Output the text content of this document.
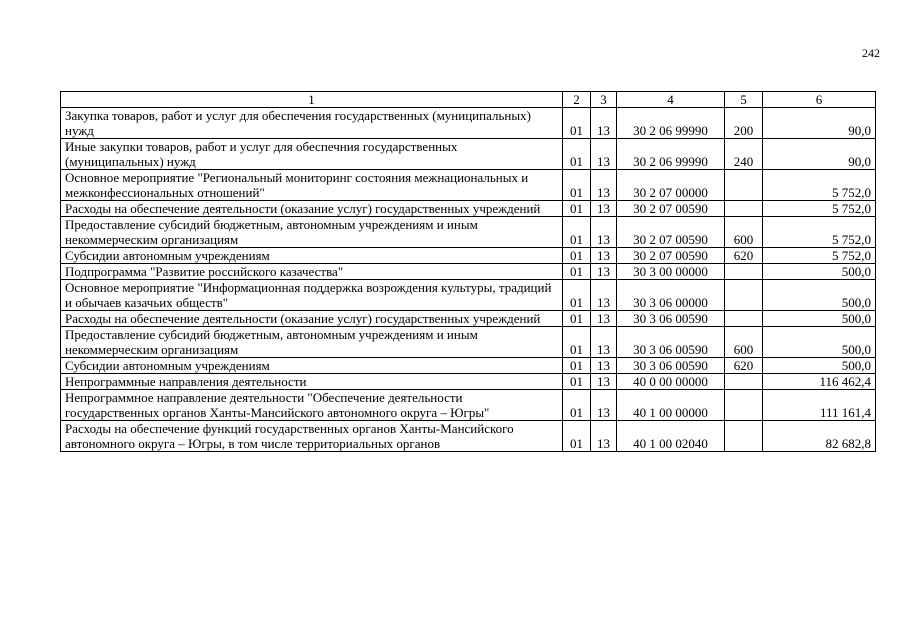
242
1	2	3	4	5	6
Закупка товаров, работ и услуг для обеспечения государственных (муниципальных) нужд	01	13	30 2 06 99990	200	90,0
Иные закупки товаров, работ и услуг для обеспечния государственных (муниципальных) нужд	01	13	30 2 06 99990	240	90,0
Основное мероприятие "Региональный мониторинг состояния межнациональных и межконфессиональных отношений"	01	13	30 2 07 00000		5 752,0
Расходы на обеспечение деятельности (оказание услуг) государственных учреждений	01	13	30 2 07 00590		5 752,0
Предоставление субсидий бюджетным, автономным учреждениям и иным некоммерческим организациям	01	13	30 2 07 00590	600	5 752,0
Субсидии автономным учреждениям	01	13	30 2 07 00590	620	5 752,0
Подпрограмма "Развитие российского казачества"	01	13	30 3 00 00000		500,0
Основное мероприятие "Информационная поддержка возрождения культуры, традиций и обычаев казачьих обществ"	01	13	30 3 06 00000		500,0
Расходы на обеспечение деятельности (оказание услуг) государственных учреждений	01	13	30 3 06 00590		500,0
Предоставление субсидий бюджетным, автономным учреждениям и иным некоммерческим организациям	01	13	30 3 06 00590	600	500,0
Субсидии автономным учреждениям	01	13	30 3 06 00590	620	500,0
Непрограммные направления деятельности	01	13	40 0 00 00000		116 462,4
Непрограммное направление деятельности "Обеспечение деятельности государственных органов Ханты-Мансийского автономного округа – Югры"	01	13	40 1 00 00000		111 161,4
Расходы на обеспечение функций государственных органов Ханты-Мансийского автономного округа – Югры, в том числе территориальных органов	01	13	40 1 00 02040		82 682,8
